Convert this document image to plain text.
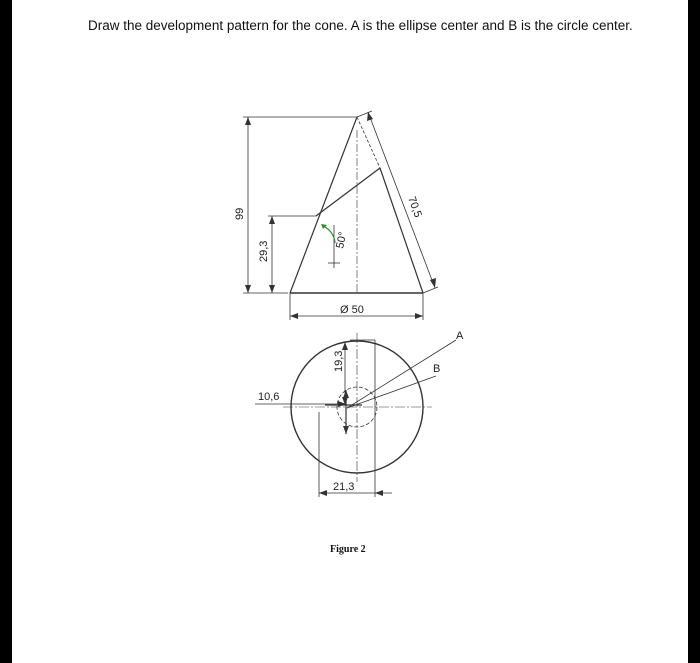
Draw the development pattern for the cone. A is the ellipse center and B is the circle center.
50°
99
29,3
70,5
Ø 50
19,3
10,6
21,3
A
B
Figure 2
